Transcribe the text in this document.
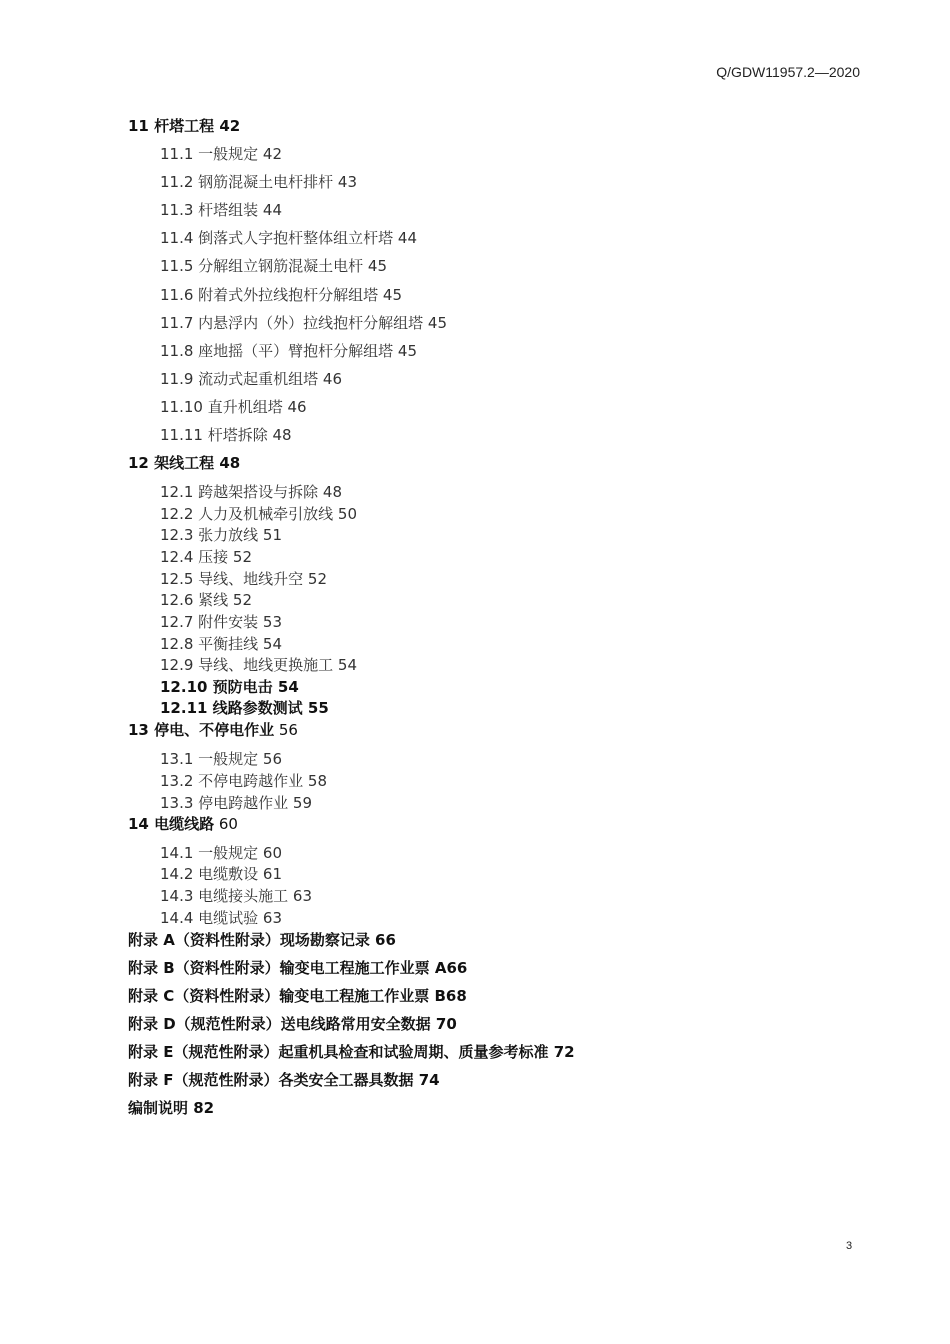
Q/GDW11957.2—2020
11 杆塔工程 42
11.1 一般规定 42
11.2 钢筋混凝土电杆排杆 43
11.3 杆塔组装 44
11.4 倒落式人字抱杆整体组立杆塔 44
11.5 分解组立钢筋混凝土电杆 45
11.6 附着式外拉线抱杆分解组塔 45
11.7 内悬浮内（外）拉线抱杆分解组塔 45
11.8 座地摇（平）臂抱杆分解组塔 45
11.9 流动式起重机组塔 46
11.10 直升机组塔 46
11.11 杆塔拆除 48
12 架线工程 48
12.1 跨越架搭设与拆除 48
12.2 人力及机械牵引放线 50
12.3 张力放线 51
12.4 压接 52
12.5 导线、地线升空 52
12.6 紧线 52
12.7 附件安装 53
12.8 平衡挂线 54
12.9 导线、地线更换施工 54
12.10 预防电击 54
12.11 线路参数测试 55
13 停电、不停电作业 56
13.1 一般规定 56
13.2 不停电跨越作业 58
13.3 停电跨越作业 59
14 电缆线路 60
14.1 一般规定 60
14.2 电缆敷设 61
14.3 电缆接头施工 63
14.4 电缆试验 63
附录 A（资料性附录）现场勘察记录 66
附录 B（资料性附录）输变电工程施工作业票 A66
附录 C（资料性附录）输变电工程施工作业票 B68
附录 D（规范性附录）送电线路常用安全数据 70
附录 E（规范性附录）起重机具检查和试验周期、质量参考标准 72
附录 F（规范性附录）各类安全工器具数据 74
编制说明 82
3
